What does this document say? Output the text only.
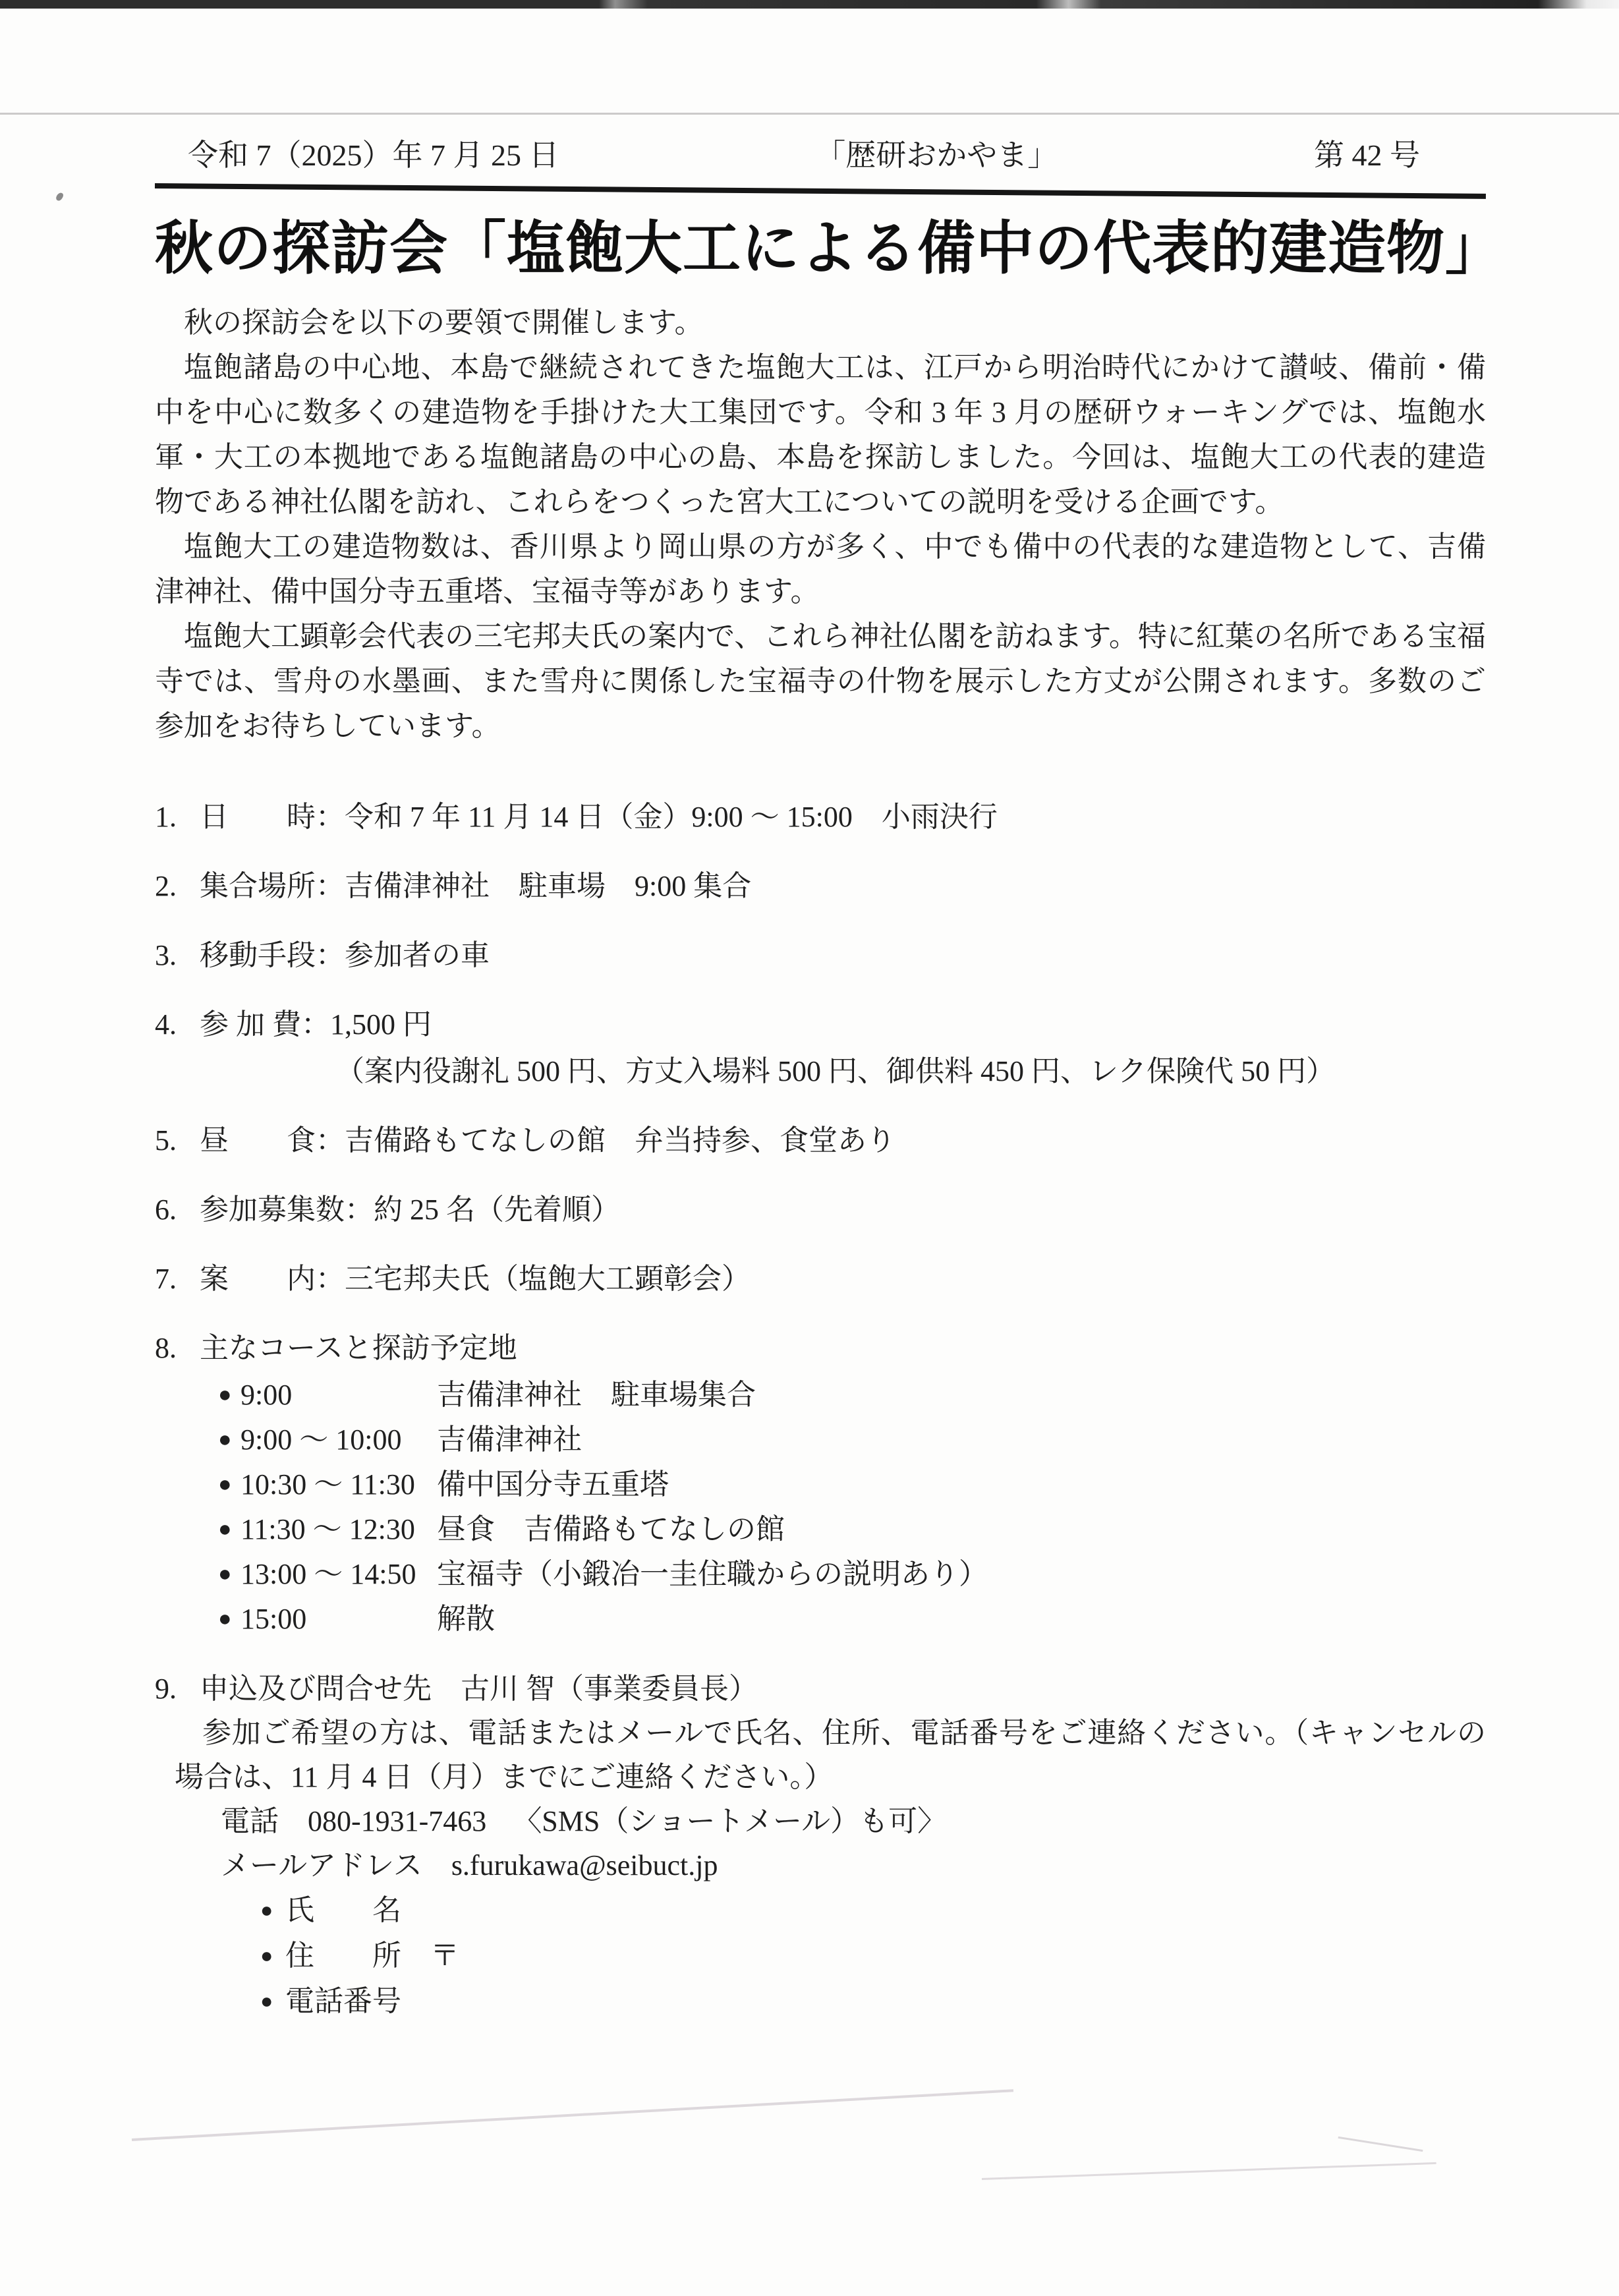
令和 7（2025）年 7 月 25 日	「歴研おかやま」	第 42 号
秋の探訪会「塩飽大工による備中の代表的建造物」

秋の探訪会を以下の要領で開催します。

塩飽諸島の中心地、本島で継続されてきた塩飽大工は、江戸から明治時代にかけて讃岐、備前・備中を中心に数多くの建造物を手掛けた大工集団です。令和 3 年 3 月の歴研ウォーキングでは、塩飽水軍・大工の本拠地である塩飽諸島の中心の島、本島を探訪しました。今回は、塩飽大工の代表的建造物である神社仏閣を訪れ、これらをつくった宮大工についての説明を受ける企画です。

塩飽大工の建造物数は、香川県より岡山県の方が多く、中でも備中の代表的な建造物として、吉備津神社、備中国分寺五重塔、宝福寺等があります。

塩飽大工顕彰会代表の三宅邦夫氏の案内で、これら神社仏閣を訪ねます。特に紅葉の名所である宝福寺では、雪舟の水墨画、また雪舟に関係した宝福寺の什物を展示した方丈が公開されます。多数のご参加をお待ちしています。

1. 日　　時：令和 7 年 11 月 14 日（金）9:00 ～ 15:00　小雨決行
2. 集合場所：吉備津神社　駐車場　9:00 集合
3. 移動手段：参加者の車
4. 参 加 費：1,500 円
（案内役謝礼 500 円、方丈入場料 500 円、御供料 450 円、レク保険代 50 円）
5. 昼　　食：吉備路もてなしの館　弁当持参、食堂あり
6. 参加募集数：約 25 名（先着順）
7. 案　　内：三宅邦夫氏（塩飽大工顕彰会）
8. 主なコースと探訪予定地
● 9:00	吉備津神社　駐車場集合
● 9:00 ～ 10:00	吉備津神社
● 10:30 ～ 11:30 備中国分寺五重塔
● 11:30 ～ 12:30 昼食　吉備路もてなしの館
● 13:00 ～ 14:50 宝福寺（小鍛冶一圭住職からの説明あり）
● 15:00	解散
9. 申込及び問合せ先　古川 智（事業委員長）

参加ご希望の方は、電話またはメールで氏名、住所、電話番号をご連絡ください。（キャンセルの場合は、11 月 4 日（月）までにご連絡ください。）

電話 080-1931-7463 〈SMS（ショートメール）も可〉
メールアドレス s.furukawa@seibuct.jp
● 氏　　名
● 住　　所　〒
● 電話番号
